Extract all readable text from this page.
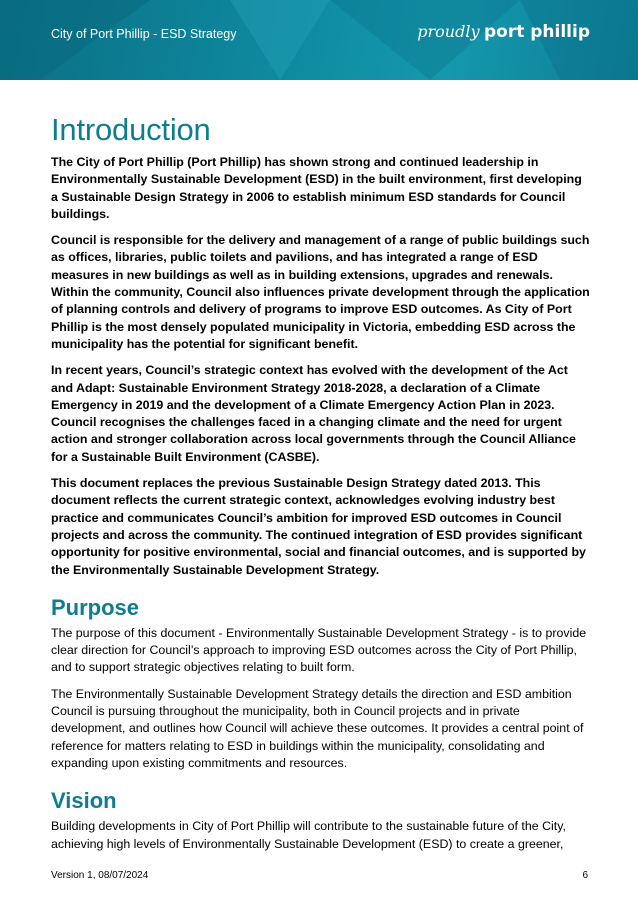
City of Port Phillip - ESD Strategy	proudly port phillip
Introduction

The City of Port Phillip (Port Phillip) has shown strong and continued leadership in Environmentally Sustainable Development (ESD) in the built environment, first developing a Sustainable Design Strategy in 2006 to establish minimum ESD standards for Council buildings.

Council is responsible for the delivery and management of a range of public buildings such as offices, libraries, public toilets and pavilions, and has integrated a range of ESD measures in new buildings as well as in building extensions, upgrades and renewals. Within the community, Council also influences private development through the application of planning controls and delivery of programs to improve ESD outcomes. As City of Port Phillip is the most densely populated municipality in Victoria, embedding ESD across the municipality has the potential for significant benefit.

In recent years, Council’s strategic context has evolved with the development of the Act and Adapt: Sustainable Environment Strategy 2018-2028, a declaration of a Climate Emergency in 2019 and the development of a Climate Emergency Action Plan in 2023. Council recognises the challenges faced in a changing climate and the need for urgent action and stronger collaboration across local governments through the Council Alliance for a Sustainable Built Environment (CASBE).

This document replaces the previous Sustainable Design Strategy dated 2013. This document reflects the current strategic context, acknowledges evolving industry best practice and communicates Council’s ambition for improved ESD outcomes in Council projects and across the community. The continued integration of ESD provides significant opportunity for positive environmental, social and financial outcomes, and is supported by the Environmentally Sustainable Development Strategy.

Purpose

The purpose of this document - Environmentally Sustainable Development Strategy - is to provide clear direction for Council’s approach to improving ESD outcomes across the City of Port Phillip, and to support strategic objectives relating to built form.

The Environmentally Sustainable Development Strategy details the direction and ESD ambition Council is pursuing throughout the municipality, both in Council projects and in private development, and outlines how Council will achieve these outcomes. It provides a central point of reference for matters relating to ESD in buildings within the municipality, consolidating and expanding upon existing commitments and resources.

Vision

Building developments in City of Port Phillip will contribute to the sustainable future of the City, achieving high levels of Environmentally Sustainable Development (ESD) to create a greener,

Version 1, 08/07/2024	6
